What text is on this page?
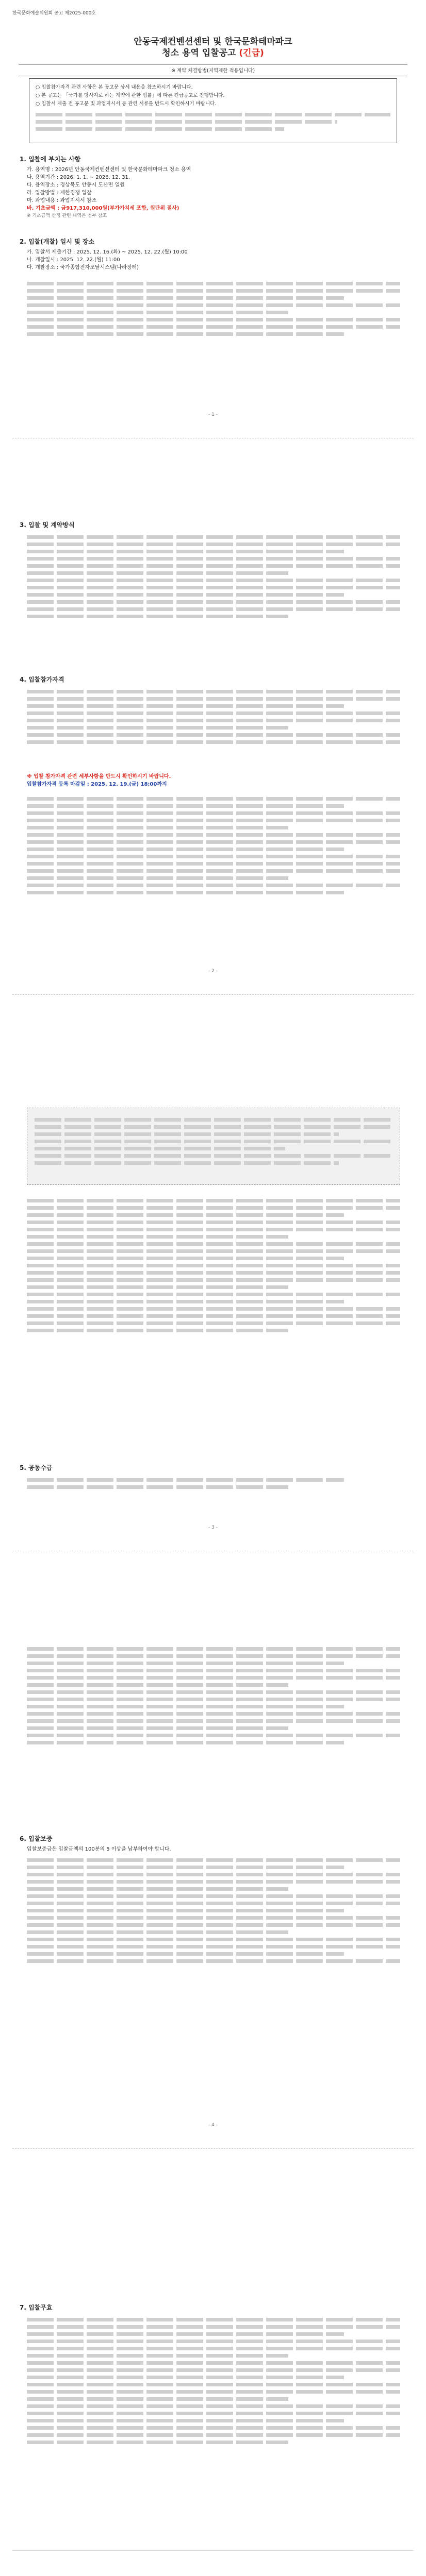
한국문화예술위원회 공고 제2025-000호
안동국제컨벤션센터 및 한국문화테마파크
청소 용역 입찰공고 (긴급)
※ 계약 체결방법(지역제한 적용입니다)
○ 입찰참가자격 관련 사항은 본 공고문 상세 내용을 참조하시기 바랍니다.
○ 본 공고는 「국가를 당사자로 하는 계약에 관한 법률」에 따른 긴급공고로 진행합니다.
○ 입찰서 제출 전 공고문 및 과업지시서 등 관련 서류를 반드시 확인하시기 바랍니다.
1. 입찰에 부치는 사항
가. 용역명 : 2026년 안동국제컨벤션센터 및 한국문화테마파크 청소 용역
나. 용역기간 : 2026. 1. 1. ~ 2026. 12. 31.
다. 용역장소 : 경상북도 안동시 도산면 일원
라. 입찰방법 : 제한경쟁 입찰
마. 과업내용 : 과업지시서 참조
바. 기초금액 : 금917,310,000원(부가가치세 포함, 원단위 절사)
※ 기초금액 산정 관련 내역은 첨부 참조
2. 입찰(개찰) 일시 및 장소
가. 입찰서 제출기간 : 2025. 12. 16.(화) ~ 2025. 12. 22.(월) 10:00
나. 개찰일시 : 2025. 12. 22.(월) 11:00
다. 개찰장소 : 국가종합전자조달시스템(나라장터)
- 1 -
3. 입찰 및 계약방식
4. 입찰참가자격
※ 입찰 참가자격 관련 세부사항을 반드시 확인하시기 바랍니다.
입찰참가자격 등록 마감일 : 2025. 12. 19.(금) 18:00까지
- 2 -
5. 공동수급
- 3 -
6. 입찰보증
입찰보증금은 입찰금액의 100분의 5 이상을 납부하여야 합니다.
- 4 -
7. 입찰무효
